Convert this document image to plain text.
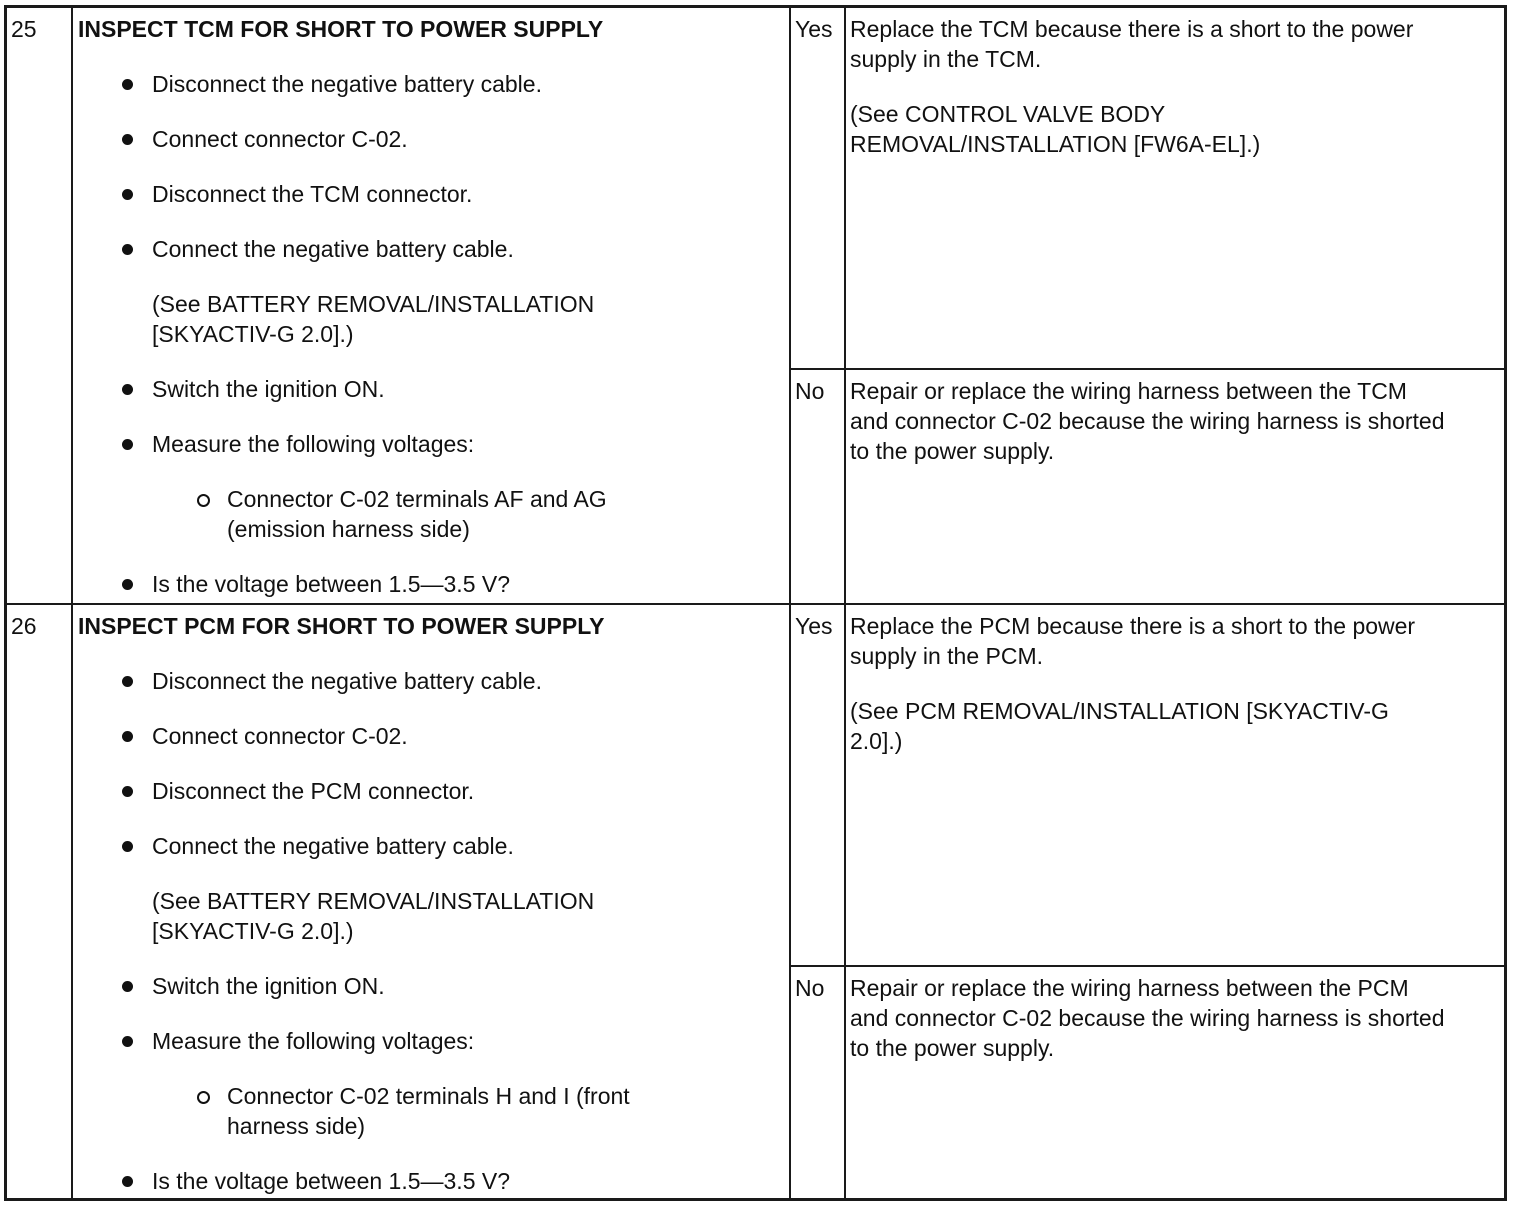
25 INSPECT TCM FOR SHORT TO POWER SUPPLY
Disconnect the negative battery cable.
Connect connector C-02.
Disconnect the TCM connector.
Connect the negative battery cable.
(See BATTERY REMOVAL/INSTALLATION
[SKYACTIV-G 2.0].)
Switch the ignition ON.
Measure the following voltages:
Connector C-02 terminals AF and AG
(emission harness side)
Is the voltage between 1.5—3.5 V?
Yes Replace the TCM because there is a short to the power
supply in the TCM.
(See CONTROL VALVE BODY
REMOVAL/INSTALLATION [FW6A-EL].)
No Repair or replace the wiring harness between the TCM
and connector C-02 because the wiring harness is shorted
to the power supply.
26 INSPECT PCM FOR SHORT TO POWER SUPPLY
Disconnect the negative battery cable.
Connect connector C-02.
Disconnect the PCM connector.
Connect the negative battery cable.
(See BATTERY REMOVAL/INSTALLATION
[SKYACTIV-G 2.0].)
Switch the ignition ON.
Measure the following voltages:
Connector C-02 terminals H and I (front
harness side)
Is the voltage between 1.5—3.5 V?
Yes Replace the PCM because there is a short to the power
supply in the PCM.
(See PCM REMOVAL/INSTALLATION [SKYACTIV-G
2.0].)
No Repair or replace the wiring harness between the PCM
and connector C-02 because the wiring harness is shorted
to the power supply.
